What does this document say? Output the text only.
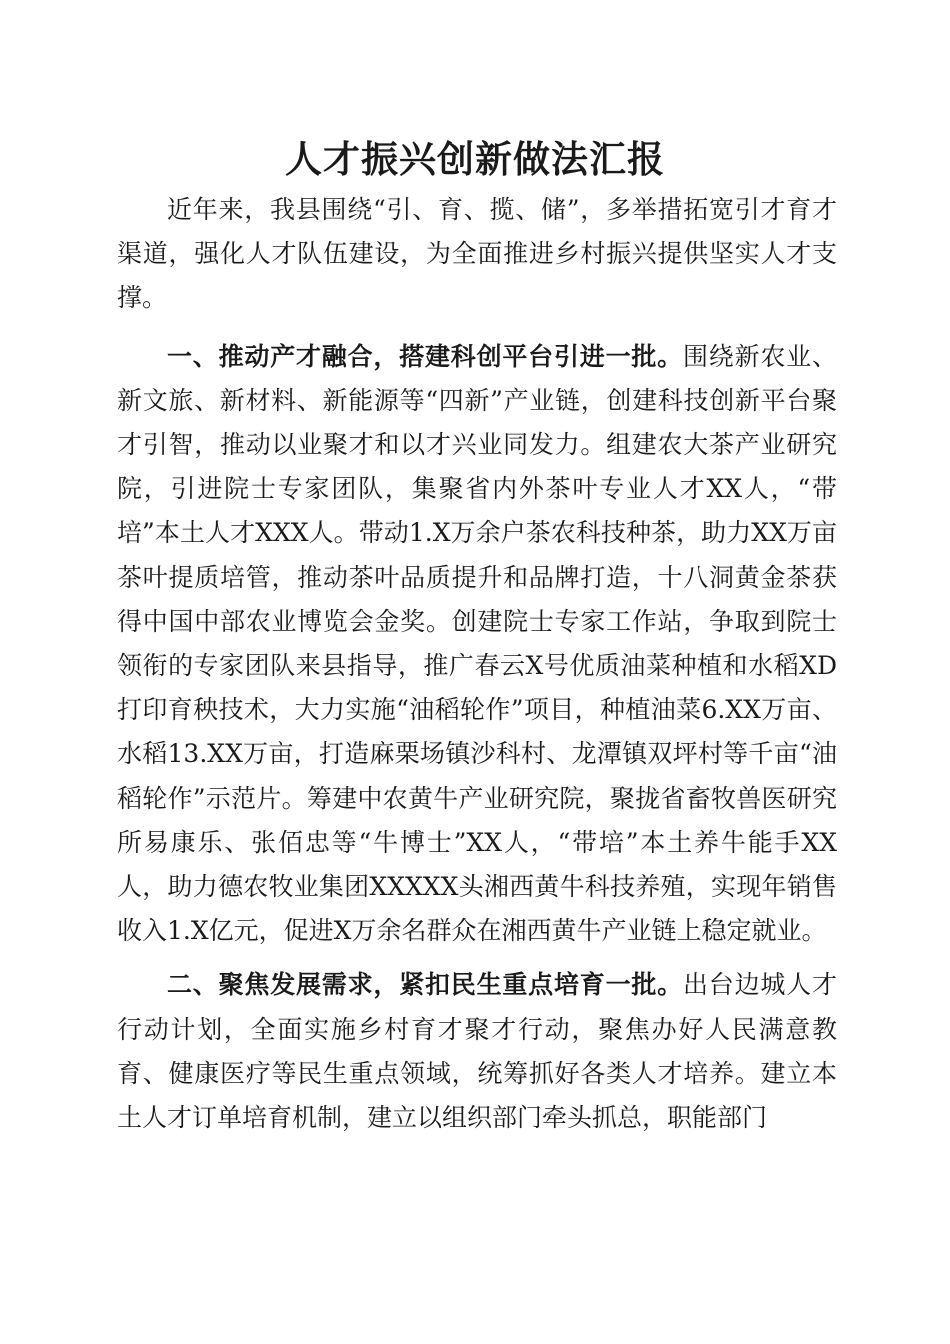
人才振兴创新做法汇报

近年来，我县围绕“引、育、揽、储”，多举措拓宽引才育才渠道，强化人才队伍建设，为全面推进乡村振兴提供坚实人才支撑。

一、推动产才融合，搭建科创平台引进一批。围绕新农业、新文旅、新材料、新能源等“四新”产业链，创建科技创新平台聚才引智，推动以业聚才和以才兴业同发力。组建农大茶产业研究院，引进院士专家团队，集聚省内外茶叶专业人才XX人，“带培”本土人才XXX人。带动1.X万余户茶农科技种茶，助力XX万亩茶叶提质培管，推动茶叶品质提升和品牌打造，十八洞黄金茶获得中国中部农业博览会金奖。创建院士专家工作站，争取到院士领衔的专家团队来县指导，推广春云X号优质油菜种植和水稻XD打印育秧技术，大力实施“油稻轮作”项目，种植油菜6.XX万亩、水稻13.XX万亩，打造麻栗场镇沙科村、龙潭镇双坪村等千亩“油稻轮作”示范片。筹建中农黄牛产业研究院，聚拢省畜牧兽医研究所易康乐、张佰忠等“牛博士”XX人，“带培”本土养牛能手XX人，助力德农牧业集团XXXXX头湘西黄牛科技养殖，实现年销售收入1.X亿元，促进X万余名群众在湘西黄牛产业链上稳定就业。

二、聚焦发展需求，紧扣民生重点培育一批。出台边城人才行动计划，全面实施乡村育才聚才行动，聚焦办好人民满意教育、健康医疗等民生重点领域，统筹抓好各类人才培养。建立本土人才订单培育机制，建立以组织部门牵头抓总，职能部门
